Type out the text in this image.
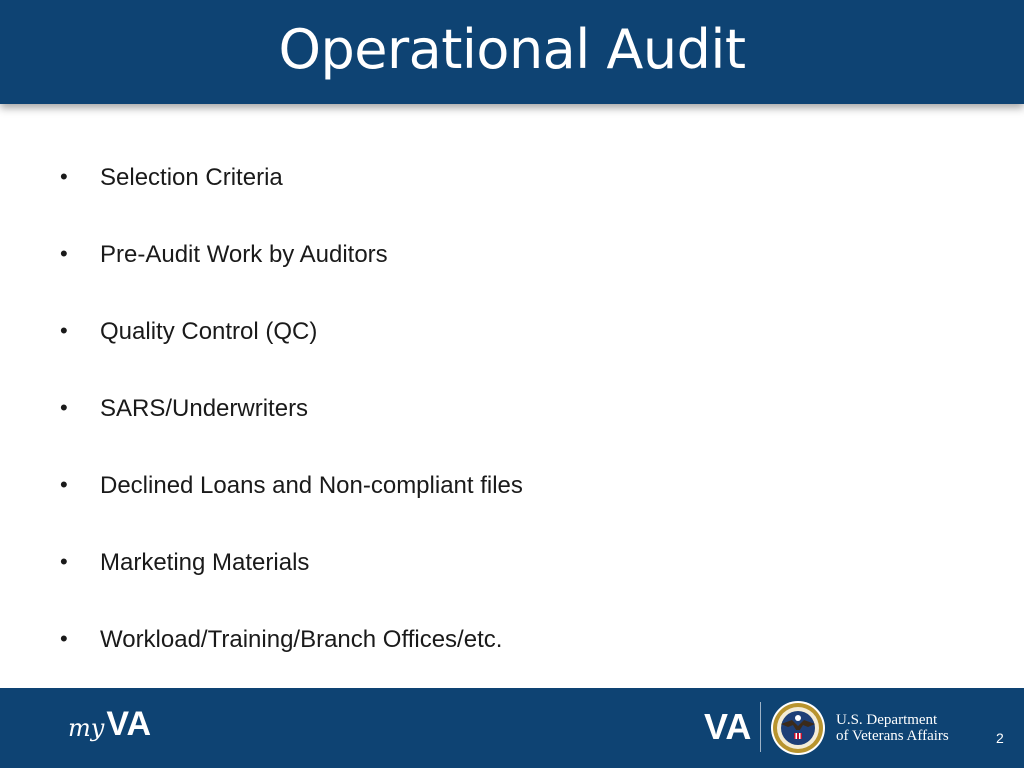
Operational Audit
• Selection Criteria
• Pre-Audit Work by Auditors
• Quality Control (QC)
• SARS/Underwriters
• Declined Loans and Non-compliant files
• Marketing Materials
• Workload/Training/Branch Offices/etc.
my VA	VA	U.S. Department
of Veterans Affairs	2
